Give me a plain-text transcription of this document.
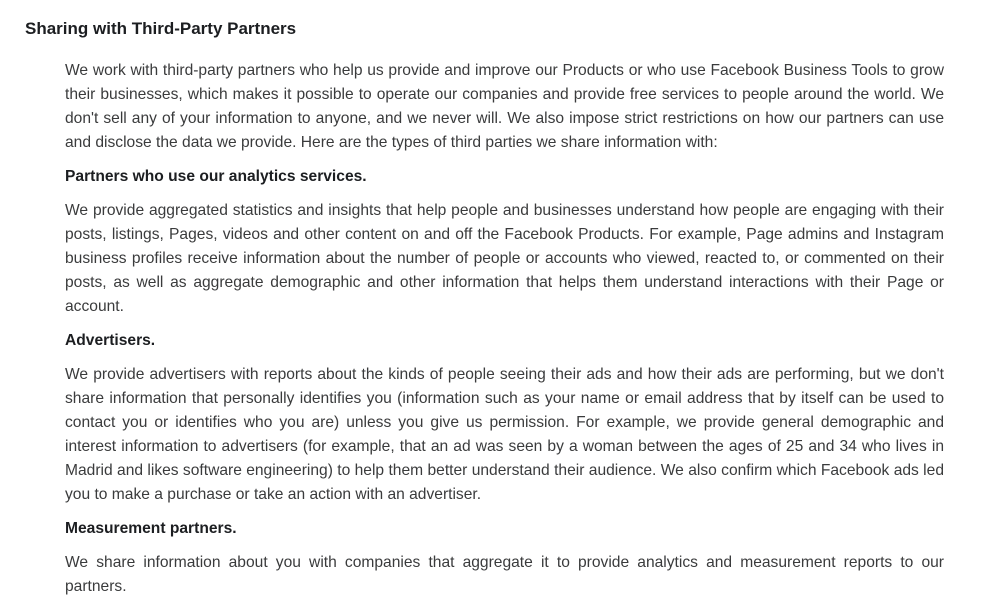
Sharing with Third-Party Partners

We work with third-party partners who help us provide and improve our Products or who use Facebook Business Tools to grow their businesses, which makes it possible to operate our companies and provide free services to people around the world. We don't sell any of your information to anyone, and we never will. We also impose strict restrictions on how our partners can use and disclose the data we provide. Here are the types of third parties we share information with:

Partners who use our analytics services.

We provide aggregated statistics and insights that help people and businesses understand how people are engaging with their posts, listings, Pages, videos and other content on and off the Facebook Products. For example, Page admins and Instagram business profiles receive information about the number of people or accounts who viewed, reacted to, or commented on their posts, as well as aggregate demographic and other information that helps them understand interactions with their Page or account.

Advertisers.

We provide advertisers with reports about the kinds of people seeing their ads and how their ads are performing, but we don't share information that personally identifies you (information such as your name or email address that by itself can be used to contact you or identifies who you are) unless you give us permission. For example, we provide general demographic and interest information to advertisers (for example, that an ad was seen by a woman between the ages of 25 and 34 who lives in Madrid and likes software engineering) to help them better understand their audience. We also confirm which Facebook ads led you to make a purchase or take an action with an advertiser.

Measurement partners.

We share information about you with companies that aggregate it to provide analytics and measurement reports to our partners.
